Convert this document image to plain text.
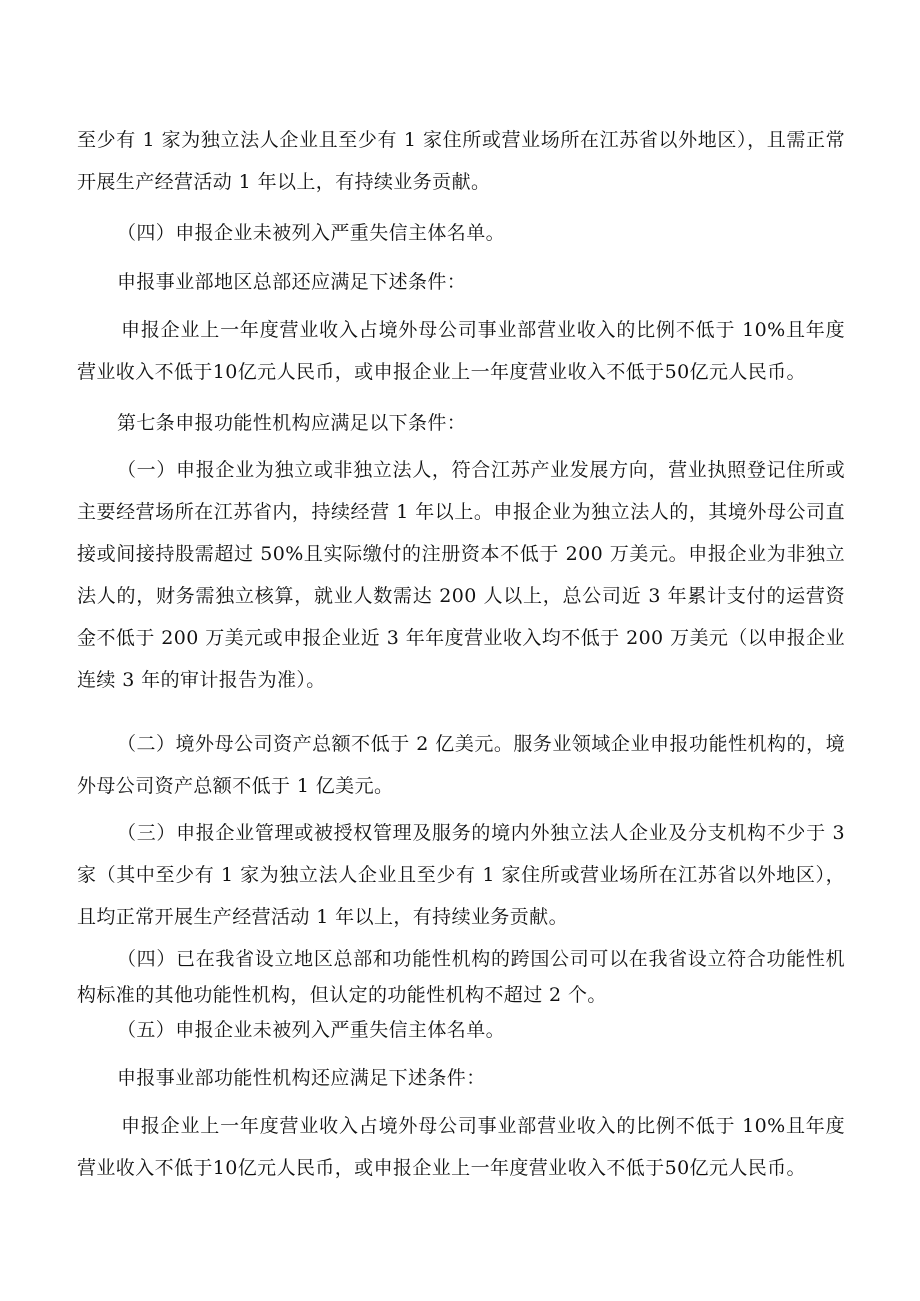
至少有 1 家为独立法人企业且至少有 1 家住所或营业场所在江苏省以外地区），且需正常开展生产经营活动 1 年以上，有持续业务贡献。

（四）申报企业未被列入严重失信主体名单。

申报事业部地区总部还应满足下述条件：

申报企业上一年度营业收入占境外母公司事业部营业收入的比例不低于 10%且年度营业收入不低于10亿元人民币，或申报企业上一年度营业收入不低于50亿元人民币。

第七条申报功能性机构应满足以下条件：

（一）申报企业为独立或非独立法人，符合江苏产业发展方向，营业执照登记住所或主要经营场所在江苏省内，持续经营 1 年以上。申报企业为独立法人的，其境外母公司直接或间接持股需超过 50%且实际缴付的注册资本不低于 200 万美元。申报企业为非独立法人的，财务需独立核算，就业人数需达 200 人以上，总公司近 3 年累计支付的运营资金不低于 200 万美元或申报企业近 3 年年度营业收入均不低于 200 万美元（以申报企业连续 3 年的审计报告为准）。

（二）境外母公司资产总额不低于 2 亿美元。服务业领域企业申报功能性机构的，境外母公司资产总额不低于 1 亿美元。

（三）申报企业管理或被授权管理及服务的境内外独立法人企业及分支机构不少于 3 家（其中至少有 1 家为独立法人企业且至少有 1 家住所或营业场所在江苏省以外地区），且均正常开展生产经营活动 1 年以上，有持续业务贡献。

（四）已在我省设立地区总部和功能性机构的跨国公司可以在我省设立符合功能性机构标准的其他功能性机构，但认定的功能性机构不超过 2 个。

（五）申报企业未被列入严重失信主体名单。

申报事业部功能性机构还应满足下述条件：

申报企业上一年度营业收入占境外母公司事业部营业收入的比例不低于 10%且年度营业收入不低于10亿元人民币，或申报企业上一年度营业收入不低于50亿元人民币。
